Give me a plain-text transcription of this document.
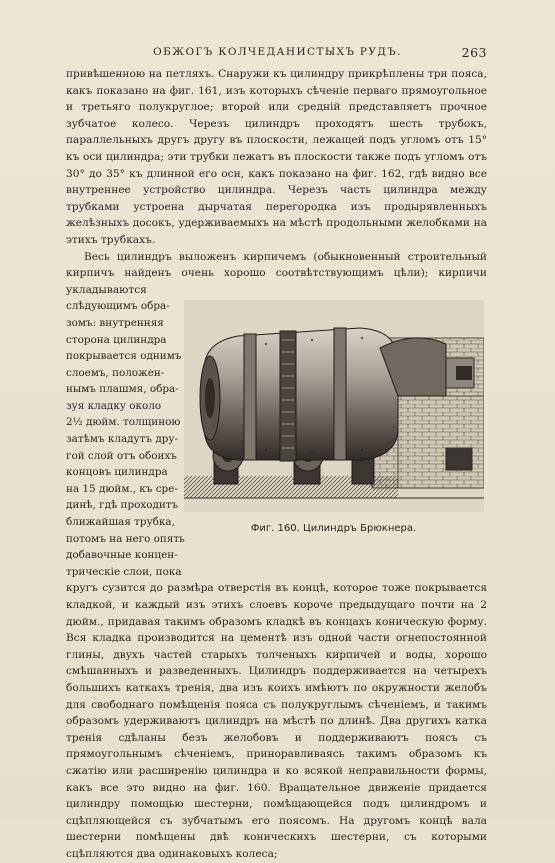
ОБЖОГЪ КОЛЧЕДАНИСТЫХЪ РУДЪ.	263

привѣшенною на петляхъ. Снаружи къ цилиндру прикрѣплены три пояса, какъ показано на фиг. 161, изъ которыхъ сѣченіе перваго прямоугольное и третьяго полукруглое; второй или средній представляетъ прочное зубчатое колесо. Черезъ цилиндръ проходятъ шесть трубокъ, параллельныхъ другъ другу въ плоскости, лежащей подъ угломъ отъ 15° къ оси цилиндра; эти трубки лежатъ въ плоскости также подъ угломъ отъ 30° до 35° къ длинной его оси, какъ показано на фиг. 162, гдѣ видно все внутреннее устройство цилиндра. Черезъ часть цилиндра между трубками устроена дырчатая перегородка изъ продырявленныхъ желѣзныхъ досокъ, удерживаемыхъ на мѣстѣ продольными желобками на этихъ трубкахъ.

Весь цилиндръ выложенъ кирпичемъ (обыкновенный строительный кирпичъ найденъ очень хорошо соотвѣтствующимъ цѣли); кирпичи укладываются

слѣдующимъ обра-
зомъ: внутренняя
сторона цилиндра
покрывается однимъ
слоемъ, положен-
нымъ плашмя, обра-
зуя кладку около
2½ дюйм. толщиною
затѣмъ кладутъ дру-
гой слой отъ обоихъ
концовъ цилиндра
на 15 дюйм., къ сре-
динѣ, гдѣ проходитъ
ближайшая трубка,
потомъ на него опять
добавочные концен-
трическіе слои, пока
Фиг. 160. Цилиндръ Брюкнера.

кругъ сузится до размѣра отверстія въ концѣ, которое тоже покрывается кладкой, и каждый изъ этихъ слоевъ короче предыдущаго почти на 2 дюйм., придавая такимъ образомъ кладкѣ въ концахъ коническую форму. Вся кладка производится на цементѣ изъ одной части огнепостоянной глины, двухъ частей старыхъ толченыхъ кирпичей и воды, хорошо смѣшанныхъ и разведенныхъ. Цилиндръ поддерживается на четырехъ большихъ каткахъ тренія, два изъ коихъ имѣютъ по окружности желобъ для свободнаго помѣщенія пояса съ полукруглымъ сѣченіемъ, и такимъ образомъ удерживаютъ цилиндръ на мѣстѣ по длинѣ. Два другихъ катка тренія сдѣланы безъ желобовъ и поддерживаютъ поясъ съ прямоугольнымъ сѣченіемъ, приноравливаясь такимъ образомъ къ сжатію или расширенію цилиндра и ко всякой неправильности формы, какъ все это видно на фиг. 160. Вращательное движеніе придается цилиндру помощью шестерни, помѣщающейся подъ цилиндромъ и сцѣпляющейся съ зубчатымъ его поясомъ. На другомъ концѣ вала шестерни помѣщены двѣ коническихъ шестерни, съ которыми сцѣпляются два одинаковыхъ колеса;
